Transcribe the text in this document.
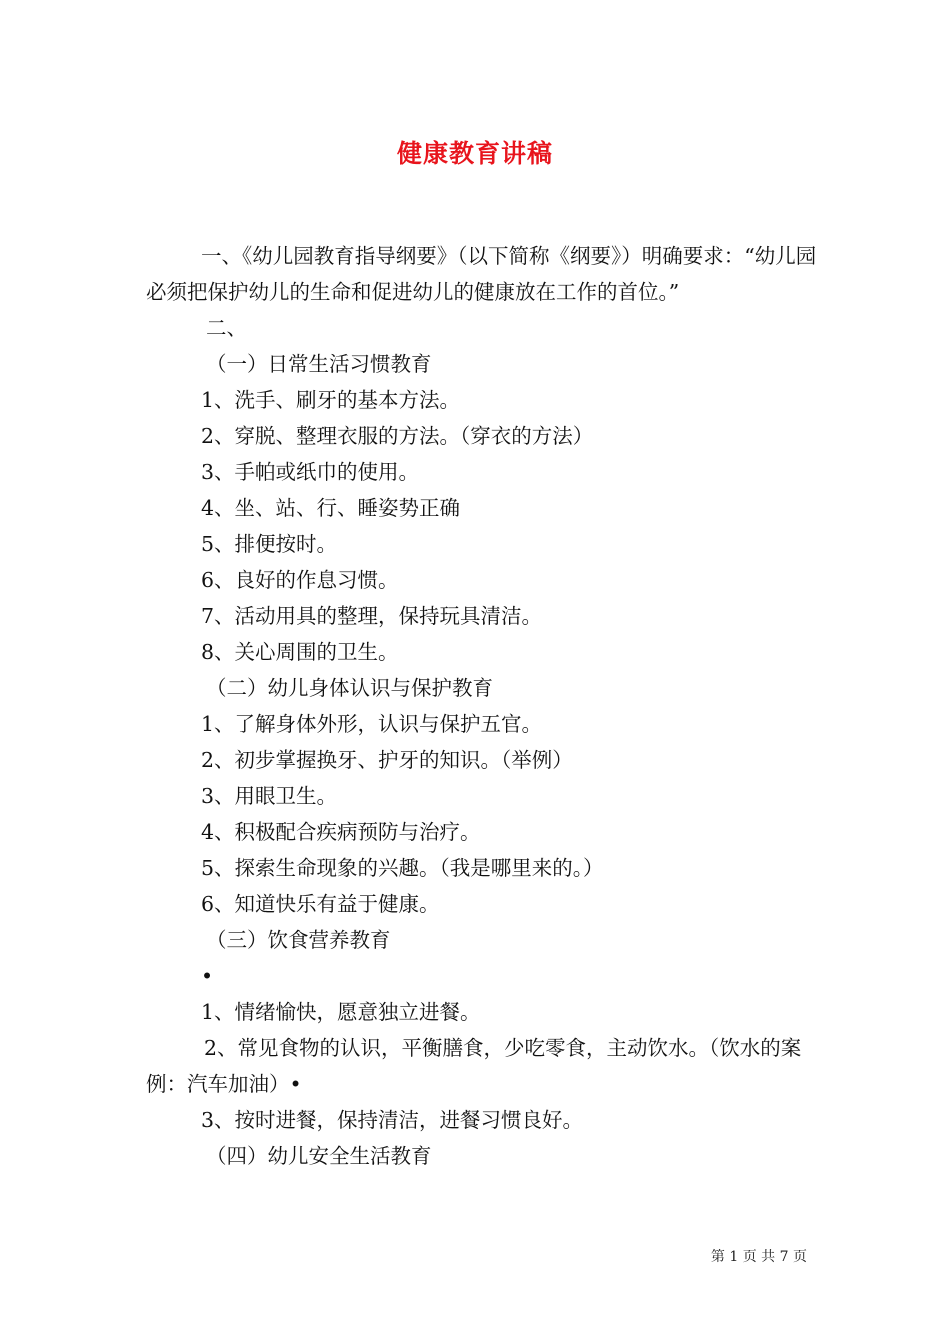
健康教育讲稿

一、《幼儿园教育指导纲要》（以下简称《纲要》）明确要求：“幼儿园必须把保护幼儿的生命和促进幼儿的健康放在工作的首位。”

二、

（一）日常生活习惯教育

1、洗手、刷牙的基本方法。

2、穿脱、整理衣服的方法。（穿衣的方法）

3、手帕或纸巾的使用。

4、坐、站、行、睡姿势正确

5、排便按时。

6、良好的作息习惯。

7、活动用具的整理，保持玩具清洁。

8、关心周围的卫生。

（二）幼儿身体认识与保护教育

1、了解身体外形，认识与保护五官。

2、初步掌握换牙、护牙的知识。（举例）

3、用眼卫生。

4、积极配合疾病预防与治疗。

5、探索生命现象的兴趣。（我是哪里来的。）

6、知道快乐有益于健康。

（三）饮食营养教育

•

1、情绪愉快，愿意独立进餐。

2、常见食物的认识，平衡膳食，少吃零食，主动饮水。（饮水的案例：汽车加油）•

3、按时进餐，保持清洁，进餐习惯良好。

（四）幼儿安全生活教育

第 1 页 共 7 页
